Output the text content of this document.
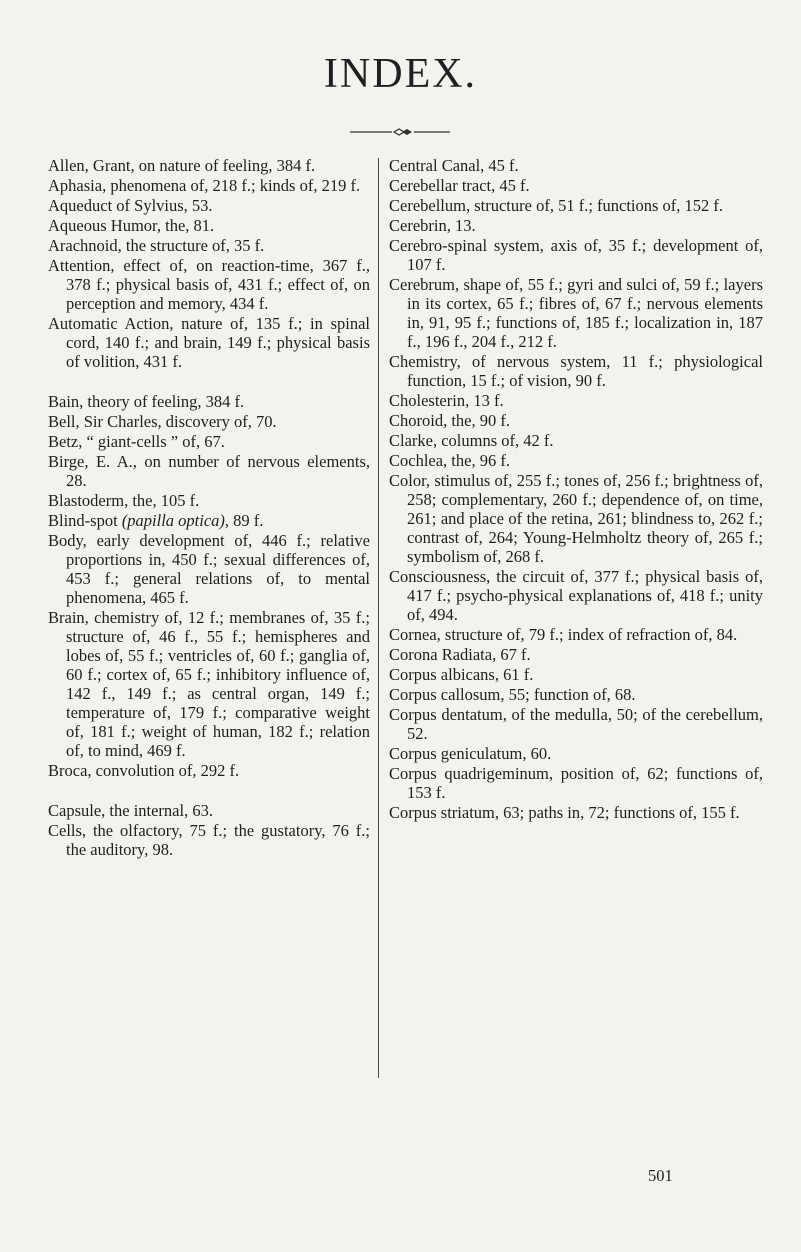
INDEX.

Allen, Grant, on nature of feeling, 384 f.

Aphasia, phenomena of, 218 f.; kinds of, 219 f.

Aqueduct of Sylvius, 53.

Aqueous Humor, the, 81.

Arachnoid, the structure of, 35 f.

Attention, effect of, on reaction-time, 367 f., 378 f.; physical basis of, 431 f.; effect of, on perception and memory, 434 f.

Automatic Action, nature of, 135 f.; in spinal cord, 140 f.; and brain, 149 f.; physical basis of volition, 431 f.

Bain, theory of feeling, 384 f.

Bell, Sir Charles, discovery of, 70.

Betz, “ giant-cells ” of, 67.

Birge, E. A., on number of nervous elements, 28.

Blastoderm, the, 105 f.

Blind-spot (papilla optica), 89 f.

Body, early development of, 446 f.; relative proportions in, 450 f.; sexual differences of, 453 f.; general relations of, to mental phenomena, 465 f.

Brain, chemistry of, 12 f.; membranes of, 35 f.; structure of, 46 f., 55 f.; hemispheres and lobes of, 55 f.; ventricles of, 60 f.; ganglia of, 60 f.; cortex of, 65 f.; inhibitory influence of, 142 f., 149 f.; as central organ, 149 f.; temperature of, 179 f.; comparative weight of, 181 f.; weight of human, 182 f.; relation of, to mind, 469 f.

Broca, convolution of, 292 f.

Capsule, the internal, 63.

Cells, the olfactory, 75 f.; the gustatory, 76 f.; the auditory, 98.

Central Canal, 45 f.

Cerebellar tract, 45 f.

Cerebellum, structure of, 51 f.; functions of, 152 f.

Cerebrin, 13.

Cerebro-spinal system, axis of, 35 f.; development of, 107 f.

Cerebrum, shape of, 55 f.; gyri and sulci of, 59 f.; layers in its cortex, 65 f.; fibres of, 67 f.; nervous elements in, 91, 95 f.; functions of, 185 f.; localization in, 187 f., 196 f., 204 f., 212 f.

Chemistry, of nervous system, 11 f.; physiological function, 15 f.; of vision, 90 f.

Cholesterin, 13 f.

Choroid, the, 90 f.

Clarke, columns of, 42 f.

Cochlea, the, 96 f.

Color, stimulus of, 255 f.; tones of, 256 f.; brightness of, 258; complementary, 260 f.; dependence of, on time, 261; and place of the retina, 261; blindness to, 262 f.; contrast of, 264; Young-Helmholtz theory of, 265 f.; symbolism of, 268 f.

Consciousness, the circuit of, 377 f.; physical basis of, 417 f.; psycho-physical explanations of, 418 f.; unity of, 494.

Cornea, structure of, 79 f.; index of refraction of, 84.

Corona Radiata, 67 f.

Corpus albicans, 61 f.

Corpus callosum, 55; function of, 68.

Corpus dentatum, of the medulla, 50; of the cerebellum, 52.

Corpus geniculatum, 60.

Corpus quadrigeminum, position of, 62; functions of, 153 f.

Corpus striatum, 63; paths in, 72; functions of, 155 f.

501
